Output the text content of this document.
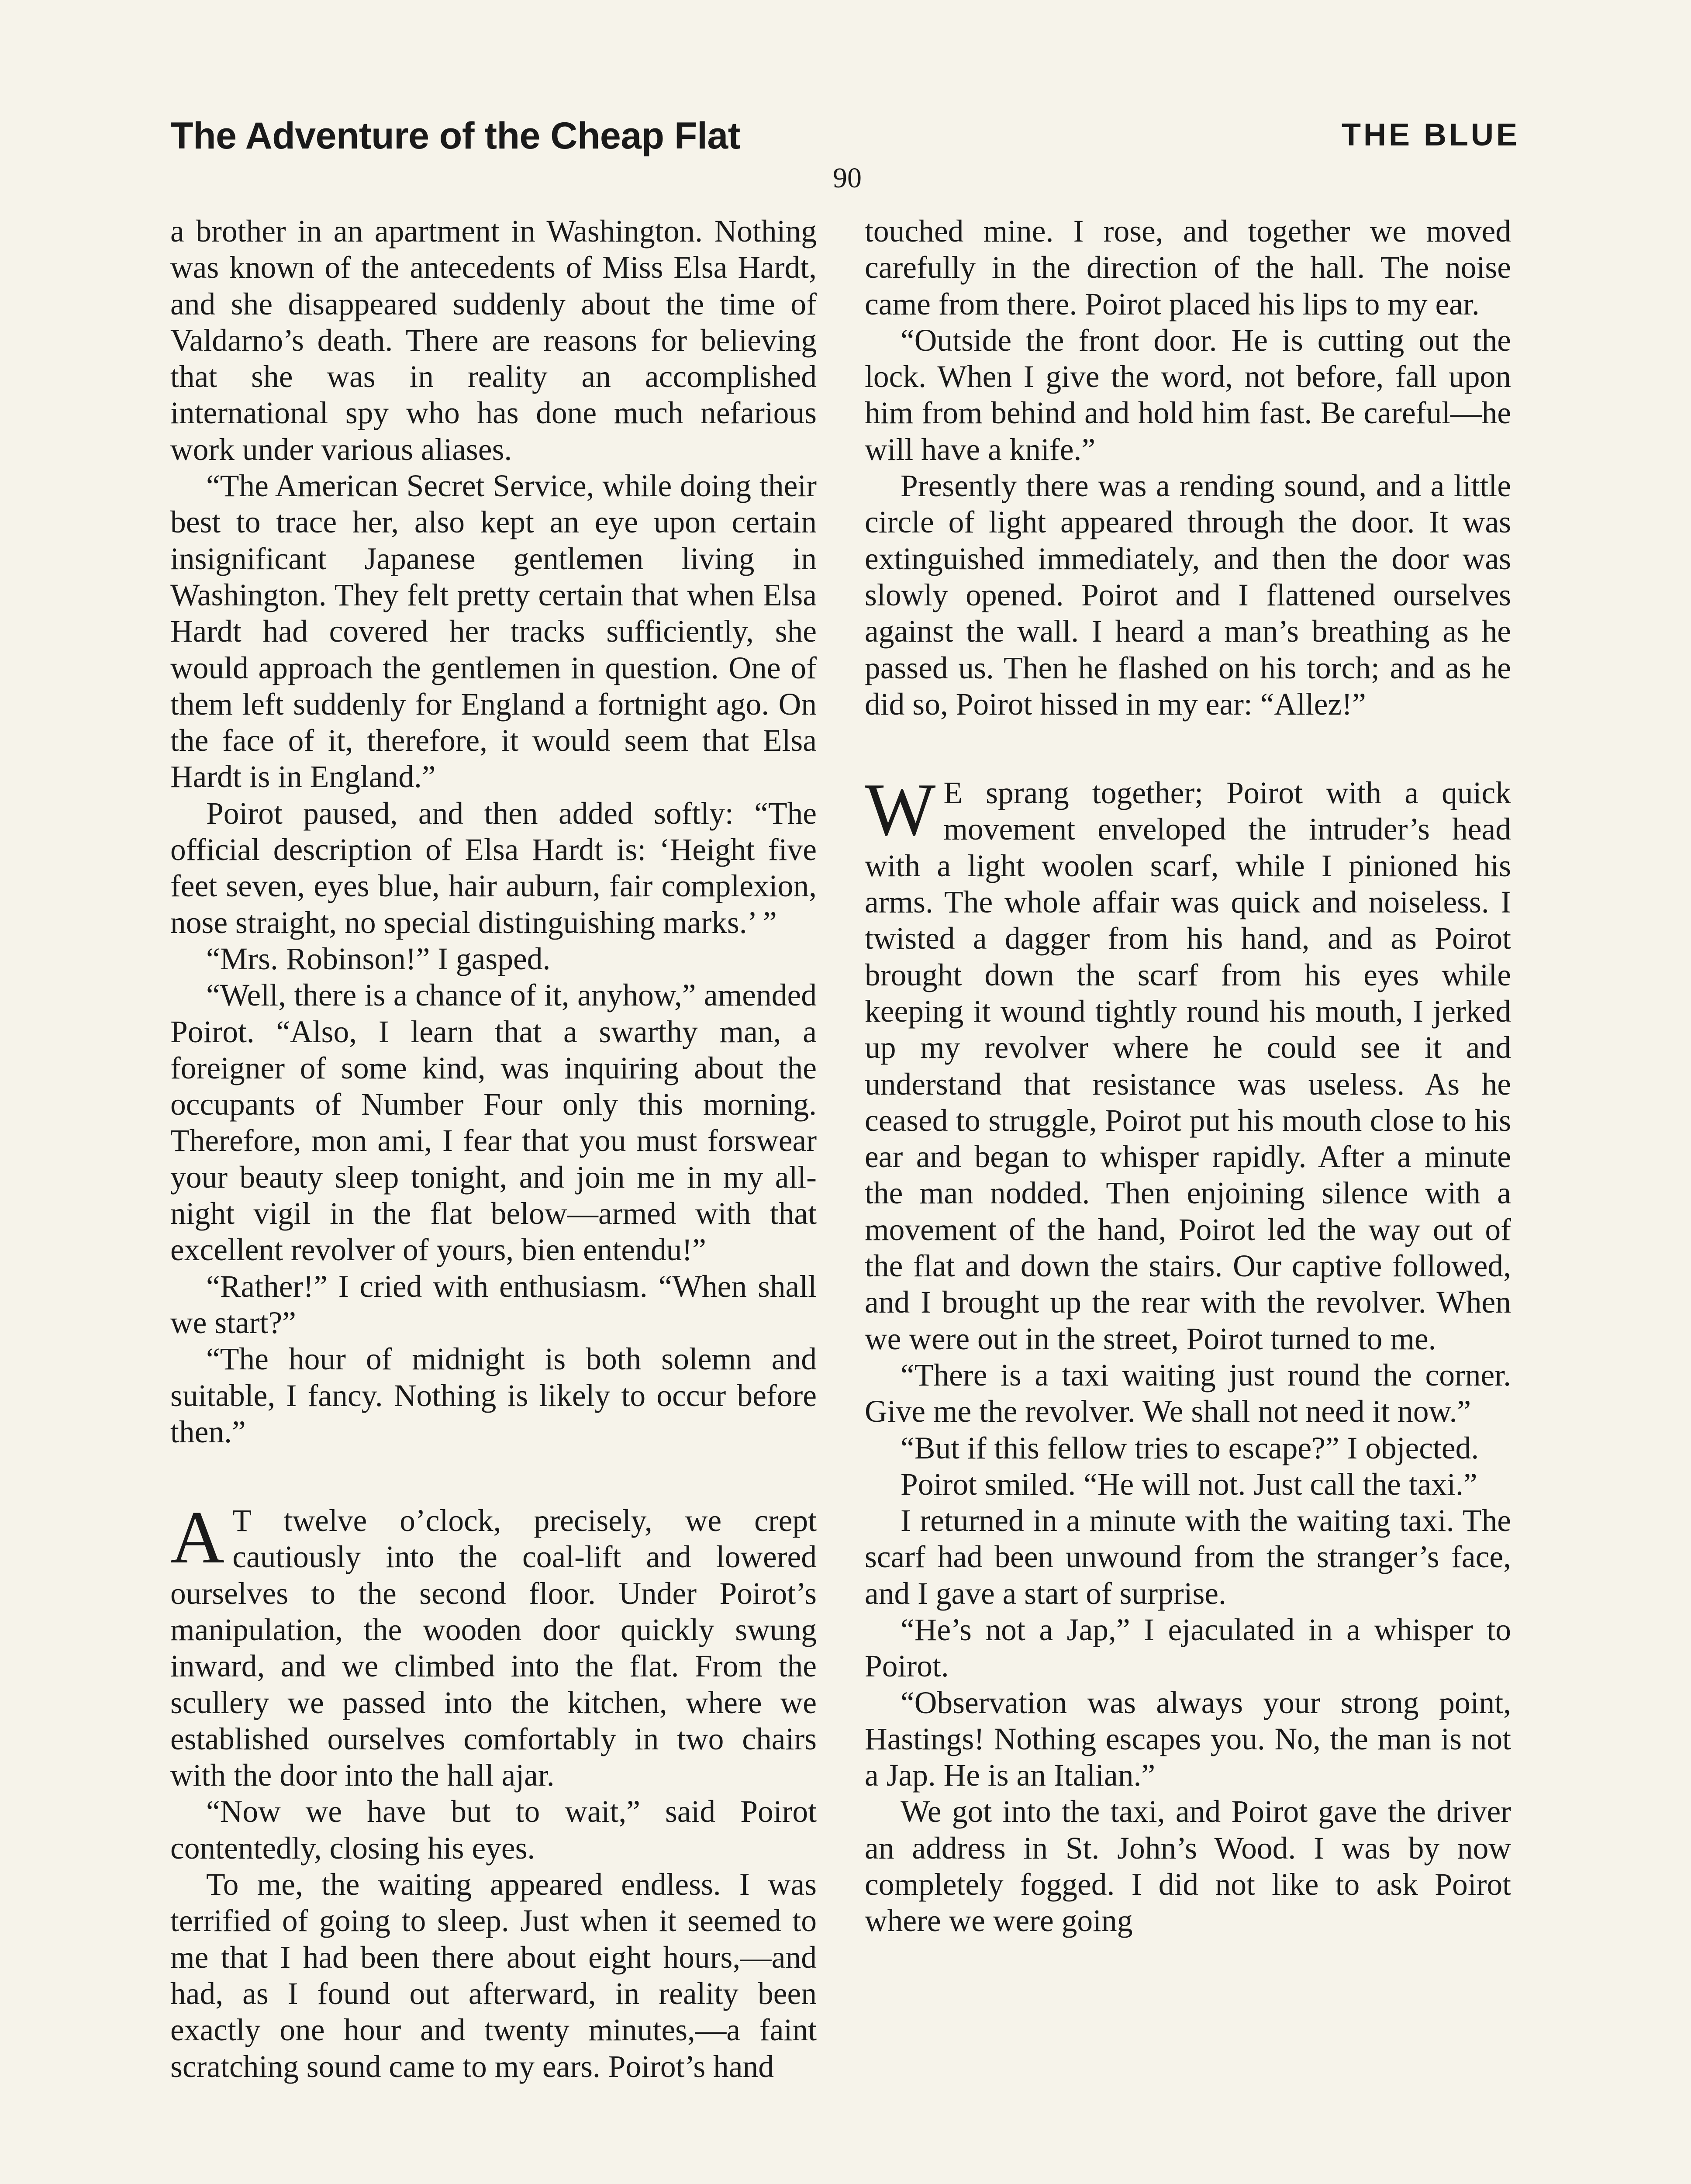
The Adventure of the Cheap Flat	THE BLUE
90

a brother in an apartment in Washington. Nothing was known of the antecedents of Miss Elsa Hardt, and she disappeared suddenly about the time of Valdarno’s death. There are reasons for believing that she was in reality an accomplished international spy who has done much nefarious work under various aliases.

“The American Secret Service, while doing their best to trace her, also kept an eye upon certain insignificant Japanese gentlemen living in Washington. They felt pretty certain that when Elsa Hardt had covered her tracks sufficiently, she would approach the gentlemen in question. One of them left suddenly for England a fortnight ago. On the face of it, therefore, it would seem that Elsa Hardt is in England.”

Poirot paused, and then added softly: “The official description of Elsa Hardt is: ‘Height five feet seven, eyes blue, hair auburn, fair complexion, nose straight, no special distinguishing marks.’ ”

“Mrs. Robinson!” I gasped.

“Well, there is a chance of it, anyhow,” amended Poirot. “Also, I learn that a swarthy man, a foreigner of some kind, was inquiring about the occupants of Number Four only this morning. Therefore, mon ami, I fear that you must forswear your beauty sleep tonight, and join me in my all-night vigil in the flat below—armed with that excellent revolver of yours, bien entendu!”

“Rather!” I cried with enthusiasm. “When shall we start?”

“The hour of midnight is both solemn and suitable, I fancy. Nothing is likely to occur before then.”

A T twelve o’clock, precisely, we crept cautiously into the coal-lift and lowered ourselves to the second floor. Under Poirot’s manipulation, the wooden door quickly swung inward, and we climbed into the flat. From the scullery we passed into the kitchen, where we established ourselves comfortably in two chairs with the door into the hall ajar.

“Now we have but to wait,” said Poirot contentedly, closing his eyes.

To me, the waiting appeared endless. I was terrified of going to sleep. Just when it seemed to me that I had been there about eight hours,—and had, as I found out afterward, in reality been exactly one hour and twenty minutes,—a faint scratching sound came to my ears. Poirot’s hand

touched mine. I rose, and together we moved carefully in the direction of the hall. The noise came from there. Poirot placed his lips to my ear.

“Outside the front door. He is cutting out the lock. When I give the word, not before, fall upon him from behind and hold him fast. Be careful—he will have a knife.”

Presently there was a rending sound, and a little circle of light appeared through the door. It was extinguished immediately, and then the door was slowly opened. Poirot and I flattened ourselves against the wall. I heard a man’s breathing as he passed us. Then he flashed on his torch; and as he did so, Poirot hissed in my ear: “Allez!”

W E sprang together; Poirot with a quick movement enveloped the intruder’s head with a light woolen scarf, while I pinioned his arms. The whole affair was quick and noiseless. I twisted a dagger from his hand, and as Poirot brought down the scarf from his eyes while keeping it wound tightly round his mouth, I jerked up my revolver where he could see it and understand that resistance was useless. As he ceased to struggle, Poirot put his mouth close to his ear and began to whisper rapidly. After a minute the man nodded. Then enjoining silence with a movement of the hand, Poirot led the way out of the flat and down the stairs. Our captive followed, and I brought up the rear with the revolver. When we were out in the street, Poirot turned to me.

“There is a taxi waiting just round the corner. Give me the revolver. We shall not need it now.”

“But if this fellow tries to escape?” I objected.

Poirot smiled. “He will not. Just call the taxi.”

I returned in a minute with the waiting taxi. The scarf had been unwound from the stranger’s face, and I gave a start of surprise.

“He’s not a Jap,” I ejaculated in a whisper to Poirot.

“Observation was always your strong point, Hastings! Nothing escapes you. No, the man is not a Jap. He is an Italian.”

We got into the taxi, and Poirot gave the driver an address in St. John’s Wood. I was by now completely fogged. I did not like to ask Poirot where we were going
